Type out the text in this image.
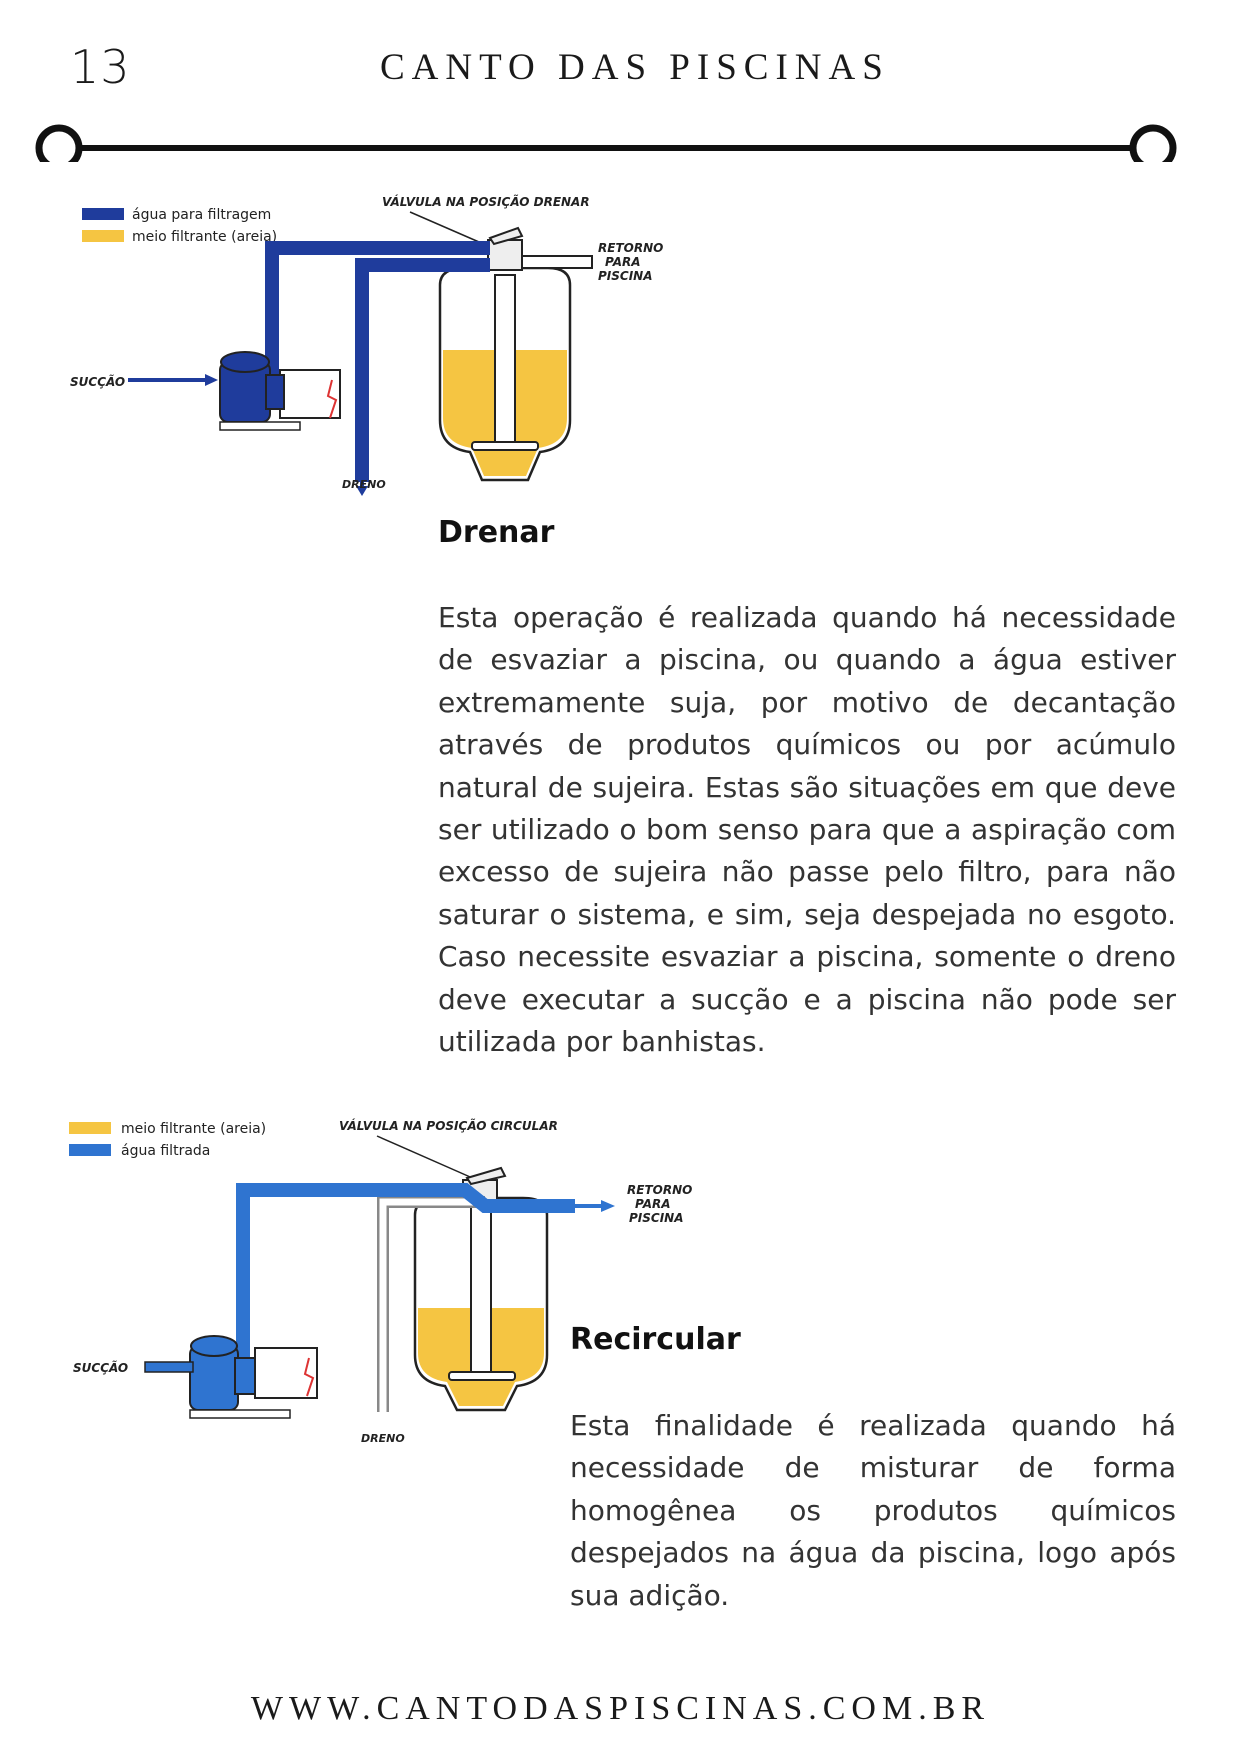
13	CANTO DAS PISCINAS
água para filtragem
meio filtrante (areia)
VÁLVULA NA POSIÇÃO DRENAR
RETORNO
PARA
PISCINA
SUCÇÃO
DRENO
Drenar

Esta operação é realizada quando há necessidade de esvaziar a piscina, ou quando a água estiver extremamente suja, por motivo de decantação através de produtos químicos ou por acúmulo natural de sujeira. Estas são situações em que deve ser utilizado o bom senso para que a aspiração com excesso de sujeira não passe pelo filtro, para não saturar o sistema, e sim, seja despejada no esgoto. Caso necessite esvaziar a piscina, somente o dreno deve executar a sucção e a piscina não pode ser utilizada por banhistas.

meio filtrante (areia)
água filtrada
VÁLVULA NA POSIÇÃO CIRCULAR
RETORNO
PARA
PISCINA
SUCÇÃO
DRENO
Recircular

Esta finalidade é realizada quando há necessidade de misturar de forma homogênea os produtos químicos despejados na água da piscina, logo após sua adição.

WWW.CANTODASPISCINAS.COM.BR
